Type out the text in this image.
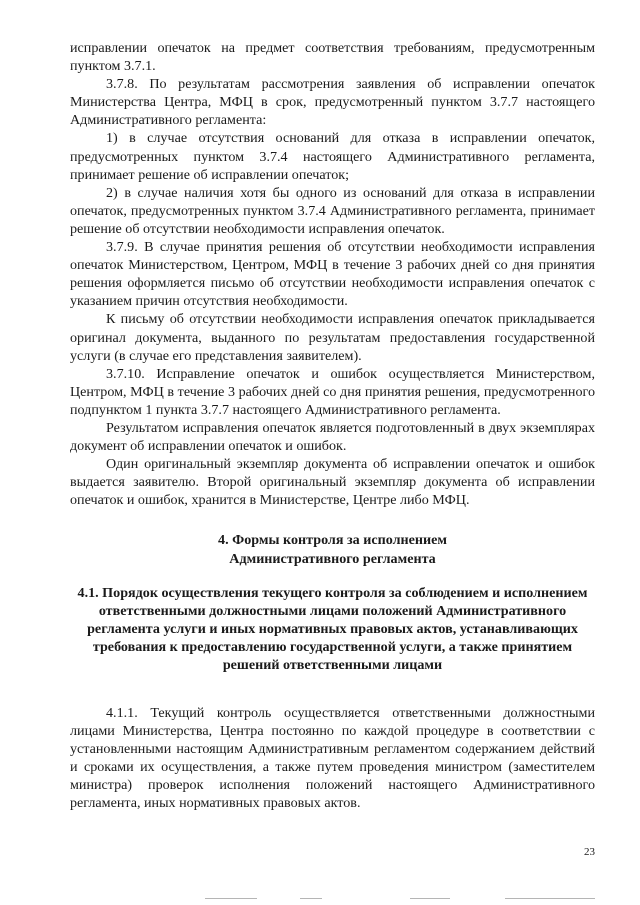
исправлении опечаток на предмет соответствия требованиям, предусмотренным пунктом 3.7.1.

3.7.8. По результатам рассмотрения заявления об исправлении опечаток Министерства Центра, МФЦ в срок, предусмотренный пунктом 3.7.7 настоящего Административного регламента:

1) в случае отсутствия оснований для отказа в исправлении опечаток, предусмотренных пунктом 3.7.4 настоящего Административного регламента, принимает решение об исправлении опечаток;

2) в случае наличия хотя бы одного из оснований для отказа в исправлении опечаток, предусмотренных пунктом 3.7.4 Административного регламента, принимает решение об отсутствии необходимости исправления опечаток.

3.7.9. В случае принятия решения об отсутствии необходимости исправления опечаток Министерством, Центром, МФЦ в течение 3 рабочих дней со дня принятия решения оформляется письмо об отсутствии необходимости исправления опечаток с указанием причин отсутствия необходимости.

К письму об отсутствии необходимости исправления опечаток прикладывается оригинал документа, выданного по результатам предоставления государственной услуги (в случае его представления заявителем).

3.7.10. Исправление опечаток и ошибок осуществляется Министерством, Центром, МФЦ в течение 3 рабочих дней со дня принятия решения, предусмотренного подпунктом 1 пункта 3.7.7 настоящего Административного регламента.

Результатом исправления опечаток является подготовленный в двух экземплярах документ об исправлении опечаток и ошибок.

Один оригинальный экземпляр документа об исправлении опечаток и ошибок выдается заявителю. Второй оригинальный экземпляр документа об исправлении опечаток и ошибок, хранится в Министерстве, Центре либо МФЦ.

4. Формы контроля за исполнением

Административного регламента

4.1. Порядок осуществления текущего контроля за соблюдением и исполнением ответственными должностными лицами положений Административного регламента услуги и иных нормативных правовых актов, устанавливающих требования к предоставлению государственной услуги, а также принятием решений ответственными лицами

4.1.1. Текущий контроль осуществляется ответственными должностными лицами Министерства, Центра постоянно по каждой процедуре в соответствии с установленными настоящим Административным регламентом содержанием действий и сроками их осуществления, а также путем проведения министром (заместителем министра) проверок исполнения положений настоящего Административного регламента, иных нормативных правовых актов.

23
